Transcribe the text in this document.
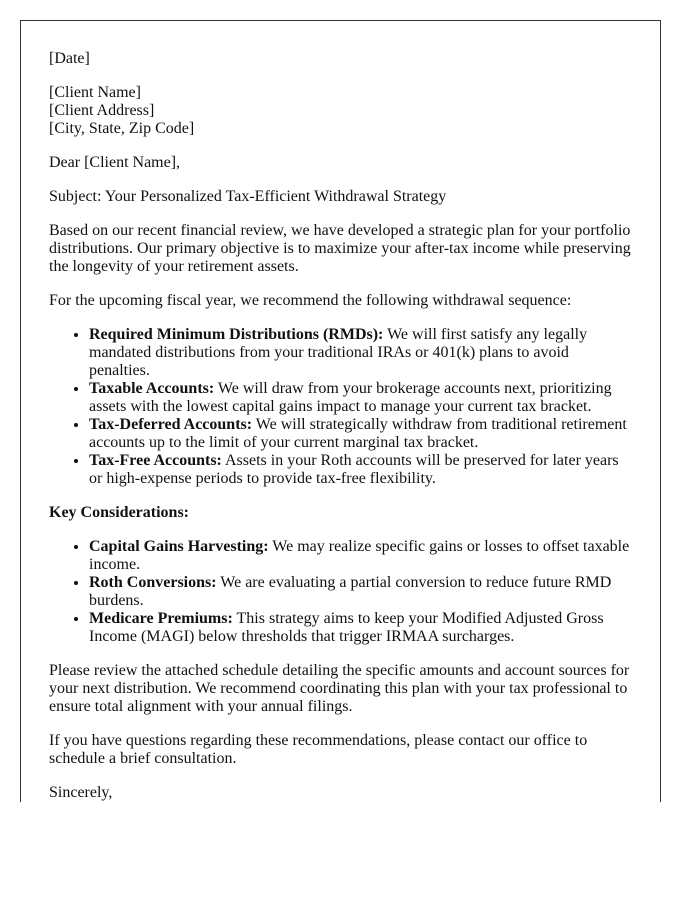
[Date]

[Client Name]
[Client Address]
[City, State, Zip Code]

Dear [Client Name],

Subject: Your Personalized Tax-Efficient Withdrawal Strategy

Based on our recent financial review, we have developed a strategic plan for your portfolio distributions. Our primary objective is to maximize your after-tax income while preserving the longevity of your retirement assets.

For the upcoming fiscal year, we recommend the following withdrawal sequence:

• Required Minimum Distributions (RMDs): We will first satisfy any legally mandated distributions from your traditional IRAs or 401(k) plans to avoid penalties.
• Taxable Accounts: We will draw from your brokerage accounts next, prioritizing assets with the lowest capital gains impact to manage your current tax bracket.
• Tax-Deferred Accounts: We will strategically withdraw from traditional retirement accounts up to the limit of your current marginal tax bracket.
• Tax-Free Accounts: Assets in your Roth accounts will be preserved for later years or high-expense periods to provide tax-free flexibility.

Key Considerations:

• Capital Gains Harvesting: We may realize specific gains or losses to offset taxable income.
• Roth Conversions: We are evaluating a partial conversion to reduce future RMD burdens.
• Medicare Premiums: This strategy aims to keep your Modified Adjusted Gross Income (MAGI) below thresholds that trigger IRMAA surcharges.

Please review the attached schedule detailing the specific amounts and account sources for your next distribution. We recommend coordinating this plan with your tax professional to ensure total alignment with your annual filings.

If you have questions regarding these recommendations, please contact our office to schedule a brief consultation.

Sincerely,
